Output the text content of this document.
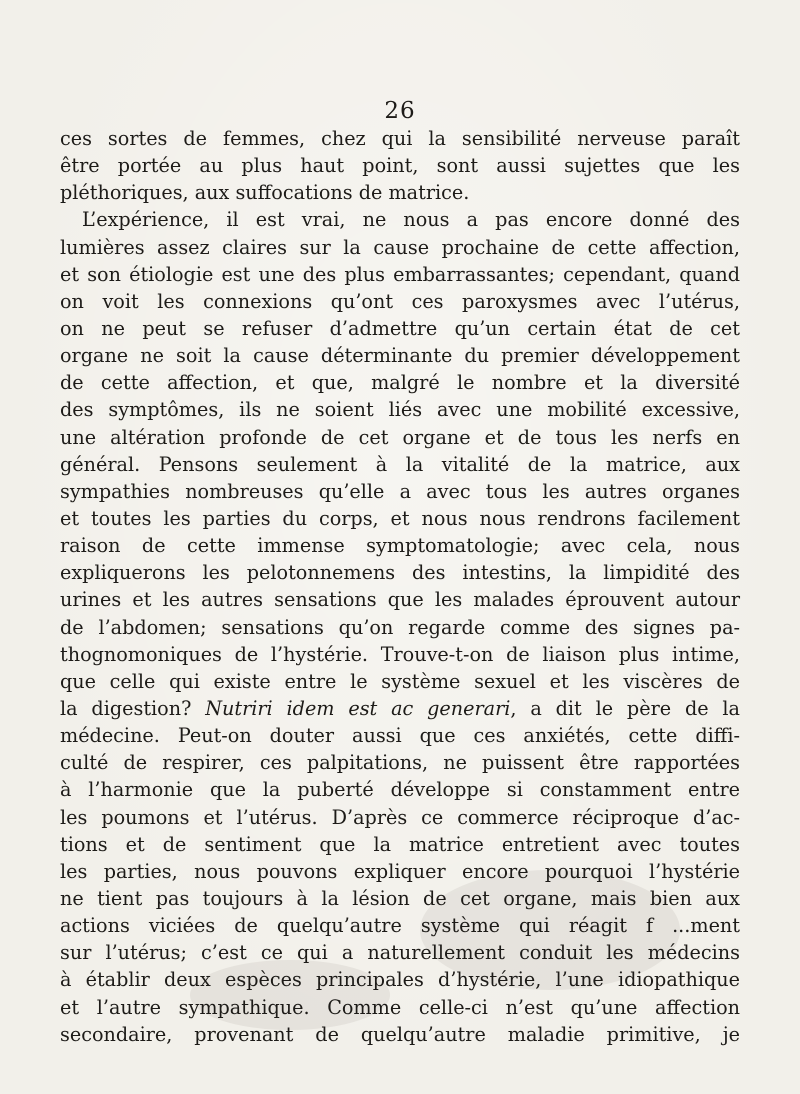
26
ces sortes de femmes, chez qui la sensibilité nerveuse paraît
être portée au plus haut point, sont aussi sujettes que les
pléthoriques, aux suffocations de matrice.
L’expérience, il est vrai, ne nous a pas encore donné des
lumières assez claires sur la cause prochaine de cette affection,
et son étiologie est une des plus embarrassantes; cependant, quand
on voit les connexions qu’ont ces paroxysmes avec l’utérus,
on ne peut se refuser d’admettre qu’un certain état de cet
organe ne soit la cause déterminante du premier développement
de cette affection, et que, malgré le nombre et la diversité
des symptômes, ils ne soient liés avec une mobilité excessive,
une altération profonde de cet organe et de tous les nerfs en
général. Pensons seulement à la vitalité de la matrice, aux
sympathies nombreuses qu’elle a avec tous les autres organes
et toutes les parties du corps, et nous nous rendrons facilement
raison de cette immense symptomatologie; avec cela, nous
expliquerons les pelotonnemens des intestins, la limpidité des
urines et les autres sensations que les malades éprouvent autour
de l’abdomen; sensations qu’on regarde comme des signes pa-
thognomoniques de l’hystérie. Trouve-t-on de liaison plus intime,
que celle qui existe entre le système sexuel et les viscères de
la digestion? Nutriri idem est ac generari, a dit le père de la
médecine. Peut-on douter aussi que ces anxiétés, cette diffi-
culté de respirer, ces palpitations, ne puissent être rapportées
à l’harmonie que la puberté développe si constamment entre
les poumons et l’utérus. D’après ce commerce réciproque d’ac-
tions et de sentiment que la matrice entretient avec toutes
les parties, nous pouvons expliquer encore pourquoi l’hystérie
ne tient pas toujours à la lésion de cet organe, mais bien aux
actions viciées de quelqu’autre système qui réagit f ...ment
sur l’utérus; c’est ce qui a naturellement conduit les médecins
à établir deux espèces principales d’hystérie, l’une idiopathique
et l’autre sympathique. Comme celle-ci n’est qu’une affection
secondaire, provenant de quelqu’autre maladie primitive, je
